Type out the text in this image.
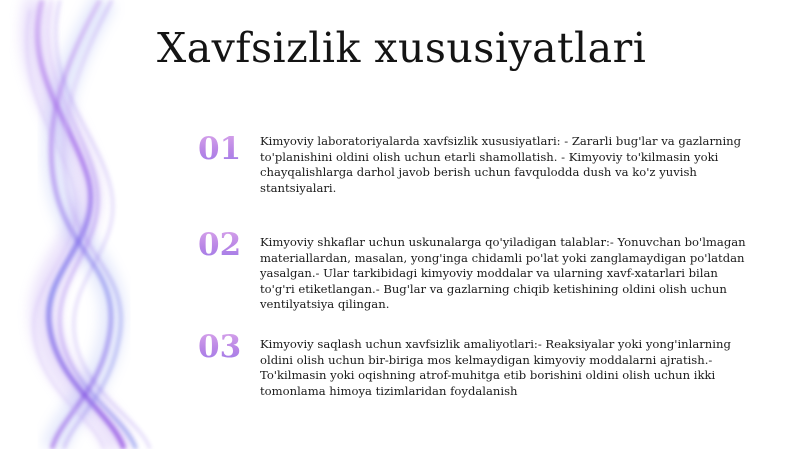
Xavfsizlik xususiyatlari
01	Kimyoviy laboratoriyalarda xavfsizlik xususiyatlari: - Zararli bug'lar va gazlarning to'planishini oldini olish uchun etarli shamollatish. - Kimyoviy to'kilmasin yoki chayqalishlarga darhol javob berish uchun favqulodda dush va ko'z yuvish stantsiyalari.
02	Kimyoviy shkaflar uchun uskunalarga qo'yiladigan talablar:- Yonuvchan bo'lmagan materiallardan, masalan, yong'inga chidamli po'lat yoki zanglamaydigan po'latdan yasalgan.- Ular tarkibidagi kimyoviy moddalar va ularning xavf-xatarlari bilan to'g'ri etiketlangan.- Bug'lar va gazlarning chiqib ketishining oldini olish uchun ventilyatsiya qilingan.
03	Kimyoviy saqlash uchun xavfsizlik amaliyotlari:- Reaksiyalar yoki yong'inlarning oldini olish uchun bir-biriga mos kelmaydigan kimyoviy moddalarni ajratish.- To'kilmasin yoki oqishning atrof-muhitga etib borishini oldini olish uchun ikki tomonlama himoya tizimlaridan foydalanish
